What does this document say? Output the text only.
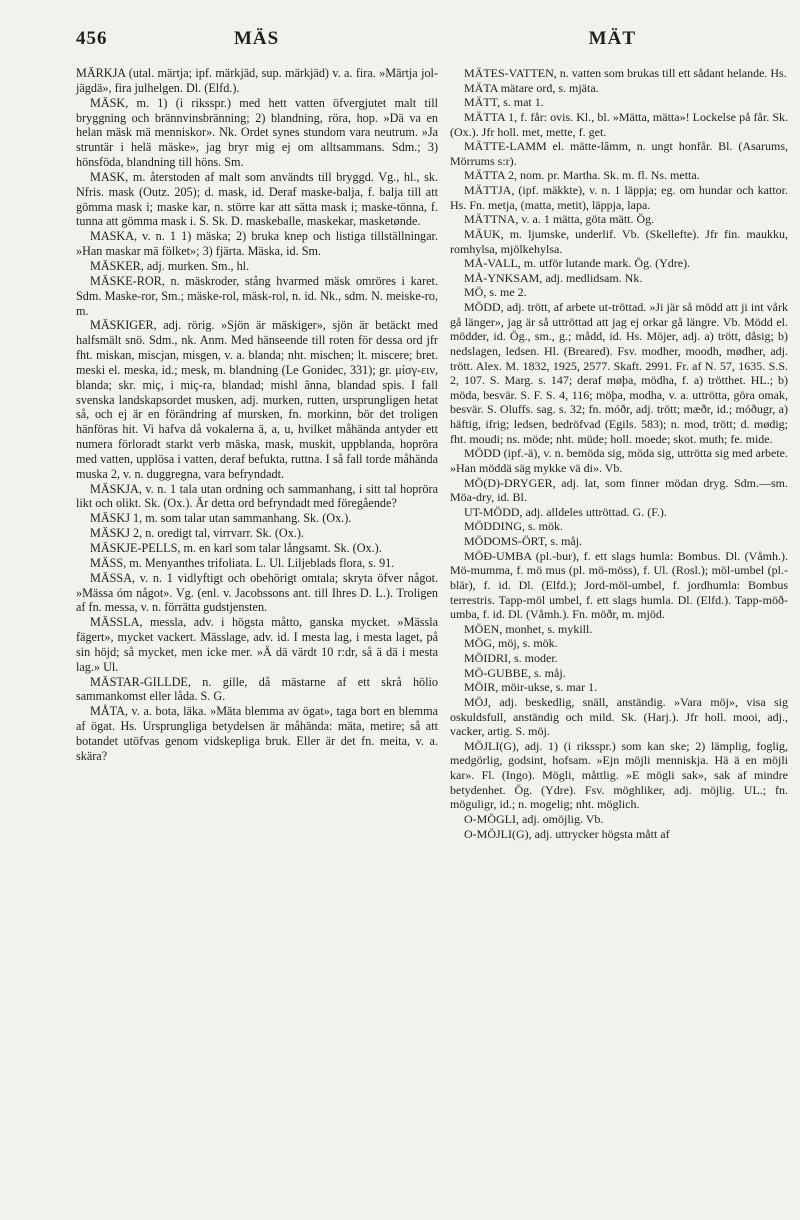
456	MÄS	MÄT

MÄRKJA (utal. märtja; ipf. märkjäd, sup. märkjäd) v. a. fira. »Märtja jol-jägdä», fira julhelgen. Dl. (Elfd.).

MÄSK, m. 1) (i riksspr.) med hett vatten öfvergjutet malt till bryggning och brännvinsbränning; 2) blandning, röra, hop. »Dä va en helan mäsk mä menniskor». Nk. Ordet synes stundom vara neutrum. »Ja struntär i helä mäske», jag bryr mig ej om alltsammans. Sdm.; 3) hönsföda, blandning till höns. Sm.

MASK, m. återstoden af malt som användts till bryggd. Vg., hl., sk. Nfris. mask (Outz. 205); d. mask, id. Deraf maske-balja, f. balja till att gömma mask i; maske kar, n. större kar att sätta mask i; maske-tönna, f. tunna att gömma mask i. S. Sk. D. maskeballe, maskekar, masketønde.

MASKA, v. n. 1 1) mäska; 2) bruka knep och listiga tillställningar. »Han maskar mä fölket»; 3) fjärta. Mäska, id. Sm.

MÄSKER, adj. murken. Sm., hl.

MÄSKE-ROR, n. mäskroder, stång hvarmed mäsk omröres i karet. Sdm. Maske-ror, Sm.; mäske-rol, mäsk-rol, n. id. Nk., sdm. N. meiske-ro, m.

MÄSKIGER, adj. rörig. »Sjön är mäskiger», sjön är betäckt med halfsmält snö. Sdm., nk. Anm. Med hänseende till roten för dessa ord jfr fht. miskan, miscjan, misgen, v. a. blanda; nht. mischen; lt. miscere; bret. meski el. meska, id.; mesk, m. blandning (Le Gonidec, 331); gr. μίσγ-ειν, blanda; skr. miç, i miç-ra, blandad; mishl ânna, blandad spis. I fall svenska landskapsordet musken, adj. murken, rutten, ursprungligen hetat så, och ej är en förändring af mursken, fn. morkinn, bör det troligen hänföras hit. Vi hafva då vokalerna ä, a, u, hvilket måhända antyder ett numera förloradt starkt verb mäska, mask, muskit, uppblanda, hopröra med vatten, upplösa i vatten, deraf befukta, ruttna. I så fall torde måhända muska 2, v. n. duggregna, vara befryndadt.

MÄSKJA, v. n. 1 tala utan ordning och sammanhang, i sitt tal hopröra likt och olikt. Sk. (Ox.). Är detta ord befryndadt med föregående?

MÄSKJ 1, m. som talar utan sammanhang. Sk. (Ox.).

MÄSKJ 2, n. oredigt tal, virrvarr. Sk. (Ox.).

MÄSKJE-PELLS, m. en karl som talar långsamt. Sk. (Ox.).

MÄSS, m. Menyanthes trifoliata. L. Ul. Liljeblads flora, s. 91.

MÄSSA, v. n. 1 vidlyftigt och obehörigt omtala; skryta öfver något. »Mässa óm något». Vg. (enl. v. Jacobssons ant. till Ihres D. L.). Troligen af fn. messa, v. n. förrätta gudstjensten.

MÄSSLA, messla, adv. i högsta måtto, ganska mycket. »Mässla fägert», mycket vackert. Mässlage, adv. id. I mesta lag, i mesta laget, på sin höjd; så mycket, men icke mer. »Ä dä värdt 10 r:dr, så ä dä i mesta lag.» Ul.

MÄSTAR-GILLDE, n. gille, då mästarne af ett skrå hölio sammankomst eller låda. S. G.

MÅTA, v. a. bota, läka. »Mäta blemma av ögat», taga bort en blemma af ögat. Hs. Ursprungliga betydelsen är måhända: mäta, metire; så att botandet utöfvas genom vidskepliga bruk. Eller är det fn. meita, v. a. skära?

MÄTES-VATTEN, n. vatten som brukas till ett sådant helande. Hs.

MÄTA mätare ord, s. mjäta.

MÄTT, s. mat 1.

MÄTTA 1, f. får: ovis. Kl., bl. »Mätta, mätta»! Lockelse på får. Sk. (Ox.). Jfr holl. met, mette, f. get.

MÄTTE-LAMM el. mätte-lâmm, n. ungt honfår. Bl. (Asarums, Mörrums s:r).

MÄTTA 2, nom. pr. Martha. Sk. m. fl. Ns. metta.

MÄTTJA, (ipf. mäkkte), v. n. 1 läppja; eg. om hundar och kattor. Hs. Fn. metja, (matta, metit), läppja, lapa.

MÄTTNA, v. a. 1 mätta, göta mätt. Ög.

MÄUK, m. ljumske, underlif. Vb. (Skellefte). Jfr fin. maukku, romhylsa, mjölkehylsa.

MÅ-VALL, m. utför lutande mark. Ög. (Ydre).

MÅ-YNKSAM, adj. medlidsam. Nk.

MÖ, s. me 2.

MÖDD, adj. trött, af arbete ut-tröttad. »Ji jär så mödd att ji int vårk gå länger», jag är så uttröttad att jag ej orkar gå längre. Vb. Mödd el. mödder, id. Ög., sm., g.; mådd, id. Hs. Möjer, adj. a) trött, dåsig; b) nedslagen, ledsen. Hl. (Breared). Fsv. modher, moodh, mødher, adj. trött. Alex. M. 1832, 1925, 2577. Skaft. 2991. Fr. af N. 57, 1635. S.S. 2, 107. S. Marg. s. 147; deraf møþa, mödha, f. a) trötthet. HL.; b) möda, besvär. S. F. S. 4, 116; möþa, modha, v. a. uttrötta, göra omak, besvär. S. Oluffs. sag. s. 32; fn. móðr, adj. trött; mæðr, id.; móðugr, a) häftig, ifrig; ledsen, bedröfvad (Egils. 583); n. mod, trött; d. mødig; fht. moudi; ns. möde; nht. müde; holl. moede; skot. muth; fe. mide.

MÖDD (ipf.-ä), v. n. bemöda sig, möda sig, uttrötta sig med arbete. »Han möddä säg mykke vä di». Vb.

MÖ(D)-DRYGER, adj. lat, som finner mödan dryg. Sdm.—sm. Möa-dry, id. Bl.

UT-MÖDD, adj. alldeles uttröttad. G. (F.).

MÖDDING, s. mök.

MÖDOMS-ÖRT, s. måj.

MÖÐ-UMBA (pl.-bur), f. ett slags humla: Bombus. Dl. (Våmh.). Mö-mumma, f. mö mus (pl. mö-möss), f. Ul. (Rosl.); möl-umbel (pl.-blär), f. id. Dl. (Elfd.); Jord-möl-umbel, f. jordhumla: Bombus terrestris. Tapp-möl umbel, f. ett slags humla. Dl. (Elfd.). Tapp-möð-umba, f. id. Dl. (Våmh.). Fn. möðr, m. mjöd.

MÖEN, monhet, s. mykill.

MÖG, möj, s. mök.

MÖIDRI, s. moder.

MÖ-GUBBE, s. måj.

MÖIR, möir-ukse, s. mar 1.

MÖJ, adj. beskedlig, snäll, anständig. »Vara möj», visa sig oskuldsfull, anständig och mild. Sk. (Harj.). Jfr holl. mooi, adj., vacker, artig. S. möj.

MÖJLI(G), adj. 1) (i riksspr.) som kan ske; 2) lämplig, foglig, medgörlig, godsint, hofsam. »Ejn möjli menniskja. Hä ä en möjli kar». Fl. (Ingo). Mögli, måttlig. »E mögli sak», sak af mindre betydenhet. Ög. (Ydre). Fsv. möghliker, adj. möjlig. UL.; fn. möguligr, id.; n. mogelig; nht. möglich.

O-MÖGLI, adj. omöjlig. Vb.

O-MÖJLI(G), adj. uttrycker högsta mått af
